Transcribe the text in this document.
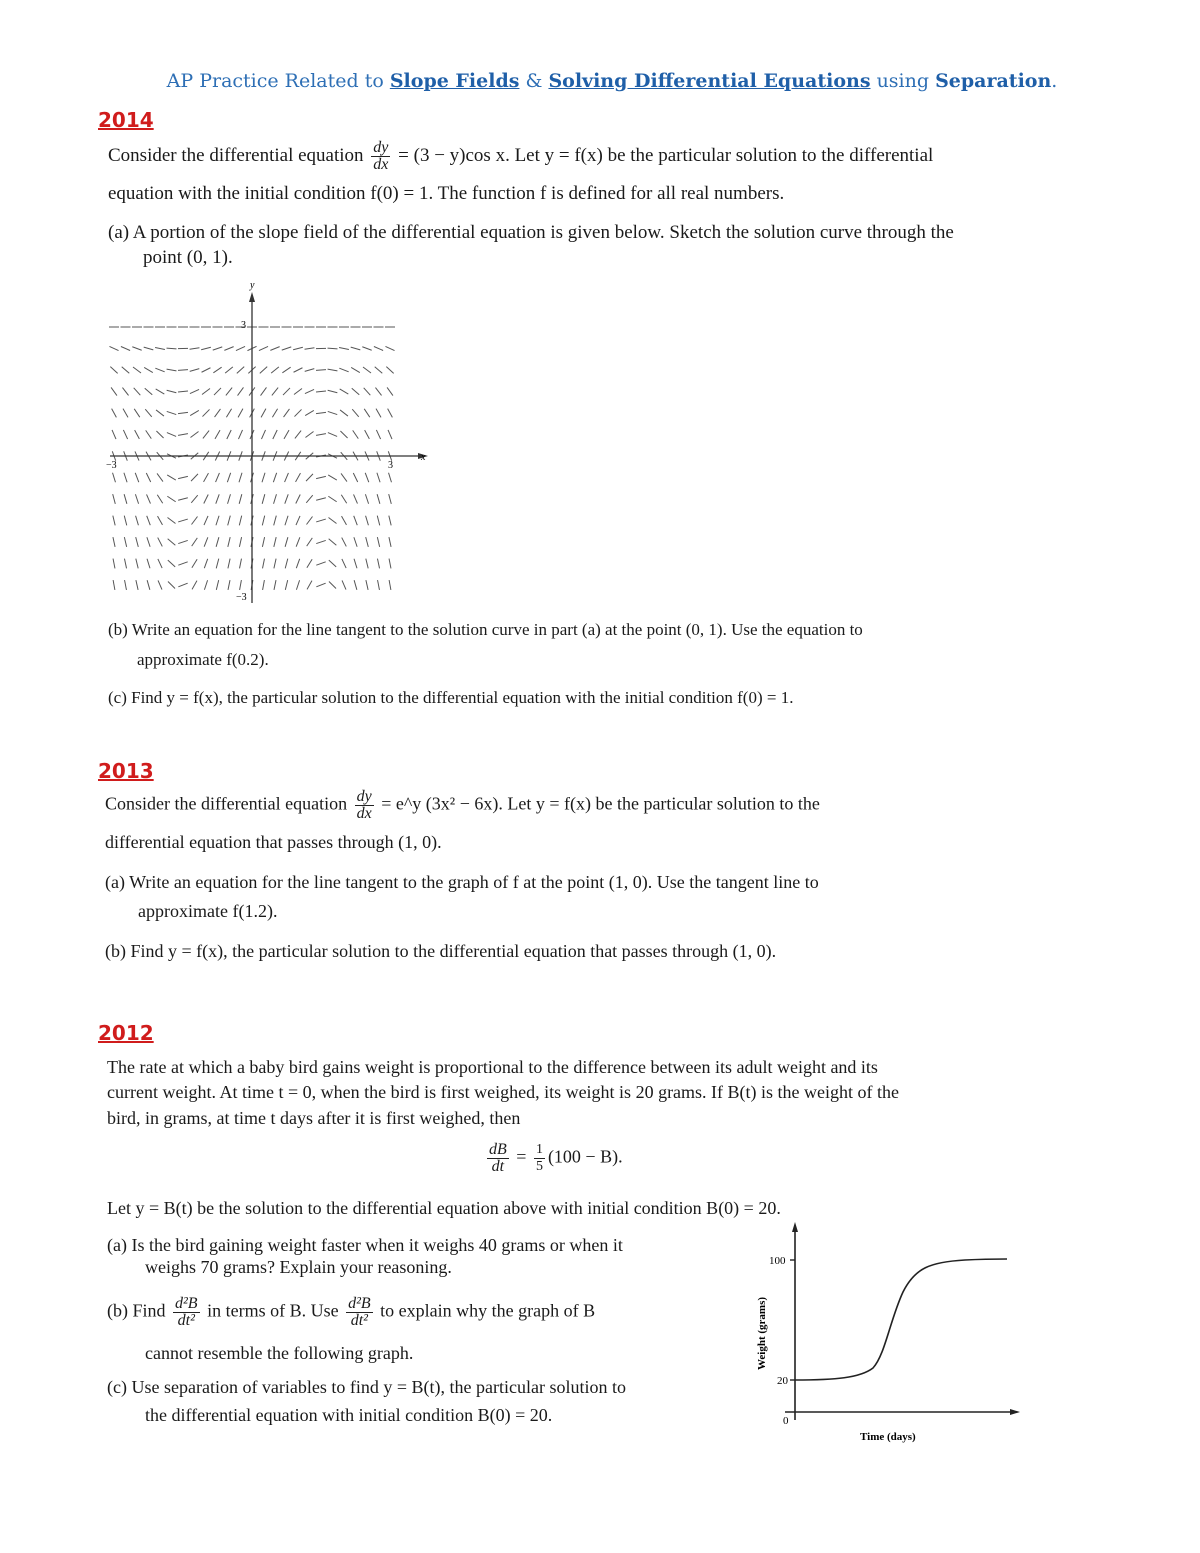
AP Practice Related to Slope Fields & Solving Differential Equations using Separation.
2014
Consider the differential equation $\frac{dy}{dx} = (3 - y)\cos$ x. Let y = f(x) be the particular solution to the differential
equation with the initial condition f(0) = 1. The function f is defined for all real numbers.
(a) A portion of the slope field of the differential equation is given below. Sketch the solution curve through the
point (0, 1).
y
x
3
−3
−3	3
(b) Write an equation for the line tangent to the solution curve in part (a) at the point (0, 1). Use the equation to
approximate f(0.2).
(c) Find y = f(x), the particular solution to the differential equation with the initial condition f(0) = 1.
2013
Consider the differential equation $\frac{dy}{dx}$ = e^y (3x² − 6x). Let y = f(x) be the particular solution to the
differential equation that passes through (1, 0).
(a) Write an equation for the line tangent to the graph of f at the point (1, 0). Use the tangent line to
approximate f(1.2).
(b) Find y = f(x), the particular solution to the differential equation that passes through (1, 0).
2012
The rate at which a baby bird gains weight is proportional to the difference between its adult weight and its
current weight. At time t = 0, when the bird is first weighed, its weight is 20 grams. If B(t) is the weight of the
bird, in grams, at time t days after it is first weighed, then
$\frac{dB}{dt} = \frac{1}{5} (100 - B)$.
Let y = B(t) be the solution to the differential equation above with initial condition B(0) = 20.
(a) Is the bird gaining weight faster when it weighs 40 grams or when it
weighs 70 grams? Explain your reasoning.
(b) Find $\frac{\text{d²B}}{\text{dt²}}$ in terms of B. Use $\frac{\text{d²B}}{\text{dt²}}$ to explain why the graph of B
cannot resemble the following graph.
(c) Use separation of variables to find y = B(t), the particular solution to
the differential equation with initial condition B(0) = 20.
100
20
0
Weight (grams)
Time (days)
